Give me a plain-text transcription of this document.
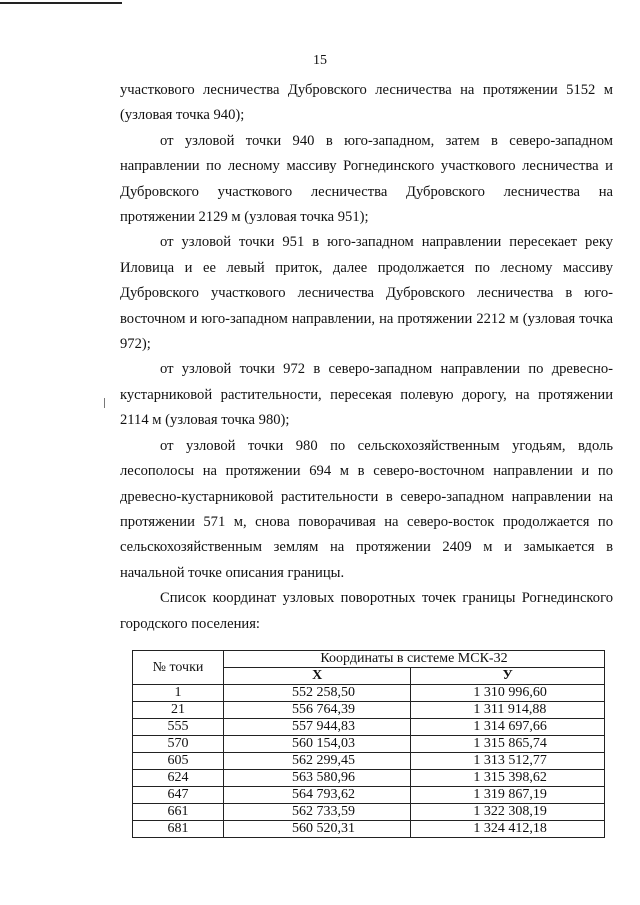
15

участкового лесничества Дубровского лесничества на протяжении 5152 м (узловая точка 940);

от узловой точки 940 в юго-западном, затем в северо-западном направлении по лесному массиву Рогнединского участкового лесничества и Дубровского участкового лесничества Дубровского лесничества на протяжении 2129 м (узловая точка 951);

от узловой точки 951 в юго-западном направлении пересекает реку Иловица и ее левый приток, далее продолжается по лесному массиву Дубровского участкового лесничества Дубровского лесничества в юго-восточном и юго-западном направлении, на протяжении 2212 м (узловая точка 972);

от узловой точки 972 в северо-западном направлении по древесно-кустарниковой растительности, пересекая полевую дорогу, на протяжении 2114 м (узловая точка 980);

от узловой точки 980 по сельскохозяйственным угодьям, вдоль лесополосы на протяжении 694 м в северо-восточном направлении и по древесно-кустарниковой растительности в северо-западном направлении на протяжении 571 м, снова поворачивая на северо-восток продолжается по сельскохозяйственным землям на протяжении 2409 м и замыкается в начальной точке описания границы.

Список координат узловых поворотных точек границы Рогнединского городского поселения:

№ точки	Координаты в системе МСК-32	
	Х	У
1	552 258,50	1 310 996,60
21	556 764,39	1 311 914,88
555	557 944,83	1 314 697,66
570	560 154,03	1 315 865,74
605	562 299,45	1 313 512,77
624	563 580,96	1 315 398,62
647	564 793,62	1 319 867,19
661	562 733,59	1 322 308,19
681	560 520,31	1 324 412,18
